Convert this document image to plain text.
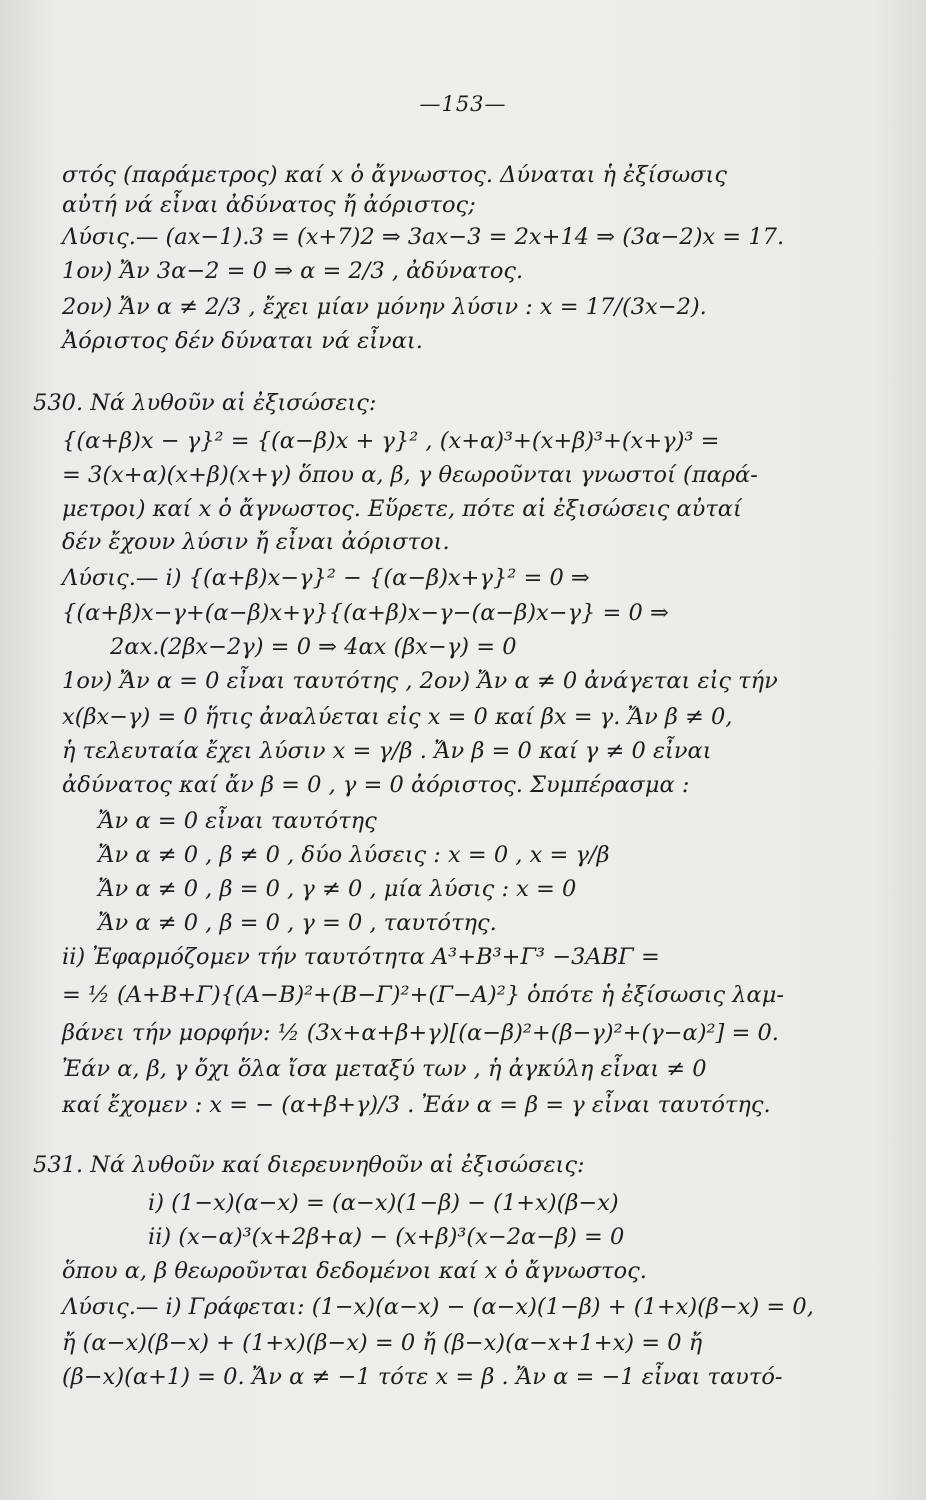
—153—
στός (παράμετρος) καί x ὁ ἄγνωστος. Δύναται ἡ ἐξίσωσις
αὐτή νά εἶναι ἀδύνατος ἤ ἀόριστος;
Λύσις.— (ax−1).3 = (x+7)2 ⇒ 3ax−3 = 2x+14 ⇒ (3α−2)x = 17.
1ον) Ἄν 3α−2 = 0 ⇒ α = 2/3 , ἀδύνατος.
2ον) Ἄν α ≠ 2/3 , ἔχει μίαν μόνην λύσιν : x = 17/(3x−2).
Ἀόριστος δέν δύναται νά εἶναι.
530. Νά λυθοῦν αἱ ἐξισώσεις:
{(α+β)x − γ}² = {(α−β)x + γ}² , (x+α)³+(x+β)³+(x+γ)³ =
= 3(x+α)(x+β)(x+γ) ὅπου α, β, γ θεωροῦνται γνωστοί (παρά-
μετροι) καί x ὁ ἄγνωστος. Εὕρετε, πότε αἱ ἐξισώσεις αὐταί
δέν ἔχουν λύσιν ἤ εἶναι ἀόριστοι.
Λύσις.— i) {(α+β)x−γ}² − {(α−β)x+γ}² = 0 ⇒
{(α+β)x−γ+(α−β)x+γ}{(α+β)x−γ−(α−β)x−γ} = 0 ⇒
2αx.(2βx−2γ) = 0 ⇒ 4αx (βx−γ) = 0
1ον) Ἄν α = 0 εἶναι ταυτότης , 2ον) Ἄν α ≠ 0 ἀνάγεται εἰς τήν
x(βx−γ) = 0 ἥτις ἀναλύεται εἰς x = 0 καί βx = γ. Ἄν β ≠ 0,
ἡ τελευταία ἔχει λύσιν x = γ/β . Ἄν β = 0 καί γ ≠ 0 εἶναι
ἀδύνατος καί ἄν β = 0 , γ = 0 ἀόριστος. Συμπέρασμα :
Ἄν α = 0 εἶναι ταυτότης
Ἄν α ≠ 0 , β ≠ 0 , δύο λύσεις : x = 0 , x = γ/β
Ἄν α ≠ 0 , β = 0 , γ ≠ 0 , μία λύσις : x = 0
Ἄν α ≠ 0 , β = 0 , γ = 0 , ταυτότης.
ii) Ἐφαρμόζομεν τήν ταυτότητα A³+B³+Γ³ −3ABΓ =
= ½ (A+B+Γ){(A−B)²+(B−Γ)²+(Γ−A)²} ὁπότε ἡ ἐξίσωσις λαμ-
βάνει τήν μορφήν: ½ (3x+α+β+γ)[(α−β)²+(β−γ)²+(γ−α)²] = 0.
Ἐάν α, β, γ ὄχι ὅλα ἴσα μεταξύ των , ἡ ἀγκύλη εἶναι ≠ 0
καί ἔχομεν : x = − (α+β+γ)/3 . Ἐάν α = β = γ εἶναι ταυτότης.
531. Νά λυθοῦν καί διερευνηθοῦν αἱ ἐξισώσεις:
i) (1−x)(α−x) = (α−x)(1−β) − (1+x)(β−x)
ii) (x−α)³(x+2β+α) − (x+β)³(x−2α−β) = 0
ὅπου α, β θεωροῦνται δεδομένοι καί x ὁ ἄγνωστος.
Λύσις.— i) Γράφεται: (1−x)(α−x) − (α−x)(1−β) + (1+x)(β−x) = 0,
ἤ (α−x)(β−x) + (1+x)(β−x) = 0 ἤ (β−x)(α−x+1+x) = 0 ἤ
(β−x)(α+1) = 0. Ἄν α ≠ −1 τότε x = β . Ἄν α = −1 εἶναι ταυτό-
